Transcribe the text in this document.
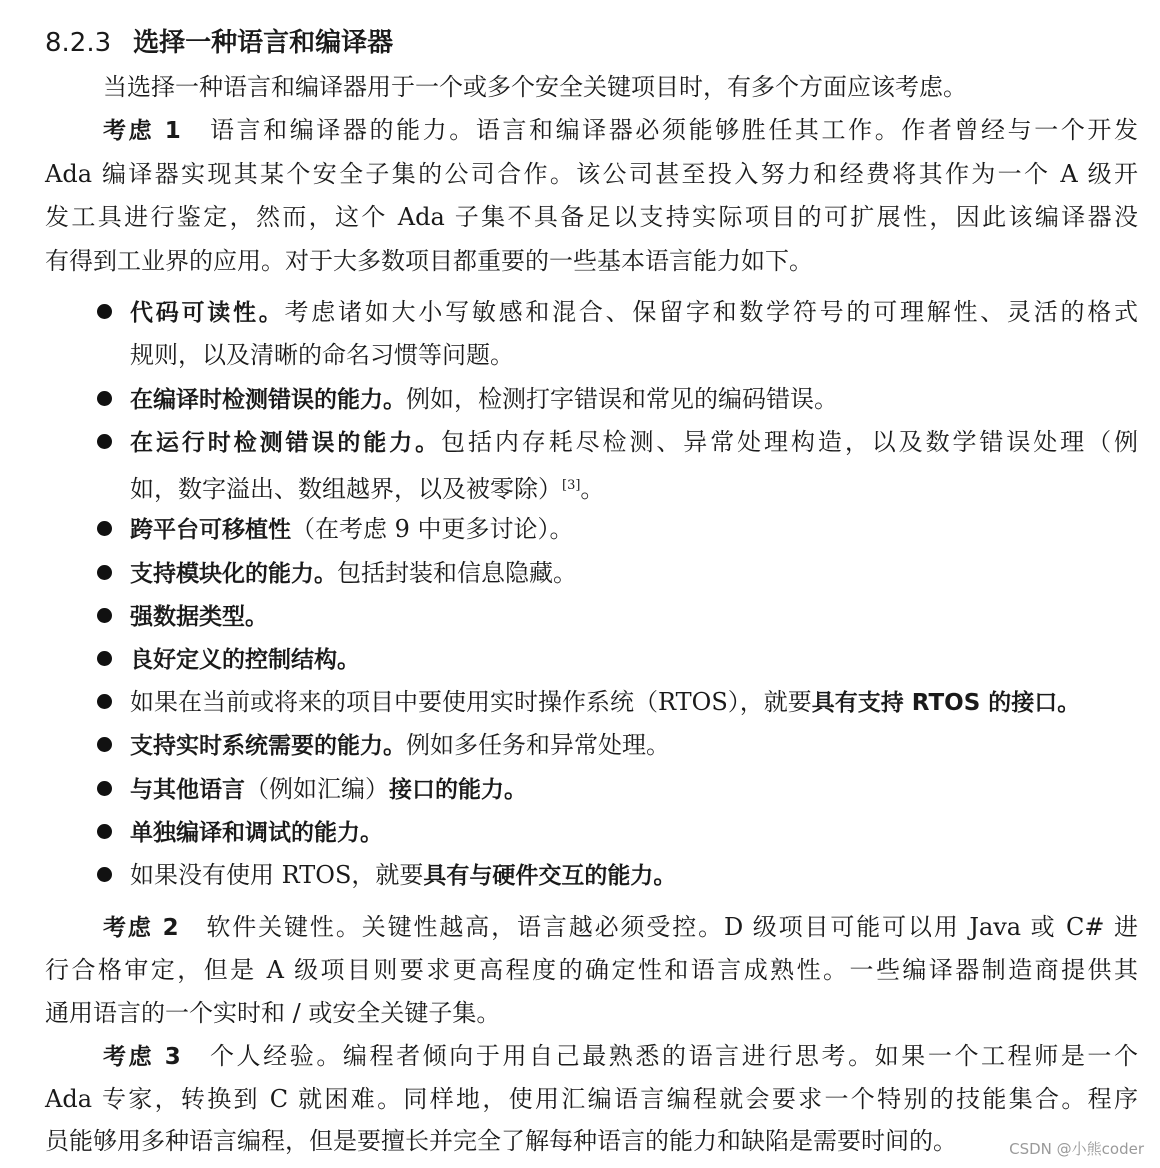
8.2.3 选择一种语言和编译器
当选择一种语言和编译器用于一个或多个安全关键项目时，有多个方面应该考虑。
考虑 1　语言和编译器的能力。语言和编译器必须能够胜任其工作。作者曾经与一个开发
Ada 编译器实现其某个安全子集的公司合作。该公司甚至投入努力和经费将其作为一个 A 级开
发工具进行鉴定，然而，这个 Ada 子集不具备足以支持实际项目的可扩展性，因此该编译器没
有得到工业界的应用。对于大多数项目都重要的一些基本语言能力如下。
代码可读性。考虑诸如大小写敏感和混合、保留字和数学符号的可理解性、灵活的格式
规则，以及清晰的命名习惯等问题。
在编译时检测错误的能力。例如，检测打字错误和常见的编码错误。
在运行时检测错误的能力。包括内存耗尽检测、异常处理构造，以及数学错误处理（例
如，数字溢出、数组越界，以及被零除）[3]。
跨平台可移植性（在考虑 9 中更多讨论）。
支持模块化的能力。包括封装和信息隐藏。
强数据类型。
良好定义的控制结构。
如果在当前或将来的项目中要使用实时操作系统（RTOS），就要具有支持 RTOS 的接口。
支持实时系统需要的能力。例如多任务和异常处理。
与其他语言（例如汇编）接口的能力。
单独编译和调试的能力。
如果没有使用 RTOS，就要具有与硬件交互的能力。
考虑 2　软件关键性。关键性越高，语言越必须受控。D 级项目可能可以用 Java 或 C# 进
行合格审定，但是 A 级项目则要求更高程度的确定性和语言成熟性。一些编译器制造商提供其
通用语言的一个实时和 / 或安全关键子集。
考虑 3　个人经验。编程者倾向于用自己最熟悉的语言进行思考。如果一个工程师是一个
Ada 专家，转换到 C 就困难。同样地，使用汇编语言编程就会要求一个特别的技能集合。程序
员能够用多种语言编程，但是要擅长并完全了解每种语言的能力和缺陷是需要时间的。	CSDN @小熊coder
